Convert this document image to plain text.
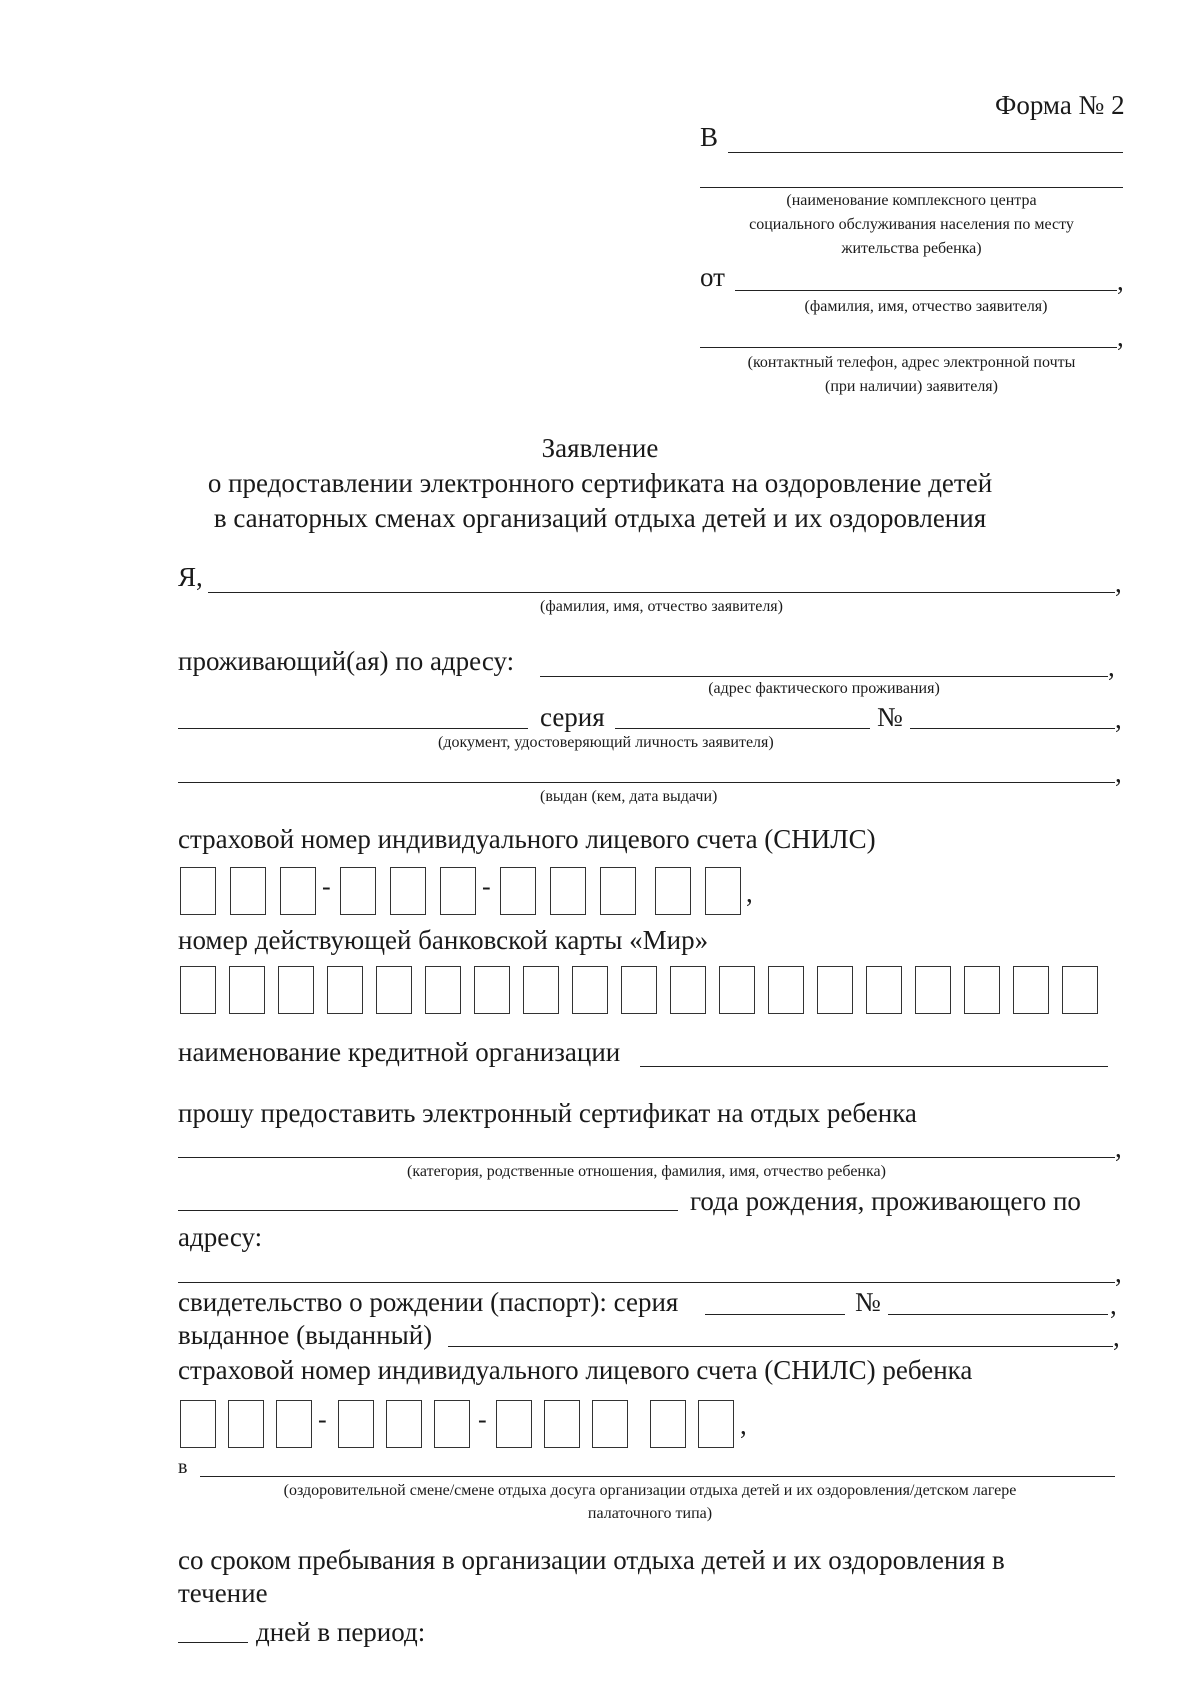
Форма № 2
В
(наименование комплексного центра
социального обслуживания населения по месту
жительства ребенка)
от	,
(фамилия, имя, отчество заявителя)
,
(контактный телефон, адрес электронной почты
(при наличии) заявителя)
Заявление
о предоставлении электронного сертификата на оздоровление детей
в санаторных сменах организаций отдыха детей и их оздоровления
Я,	,
(фамилия, имя, отчество заявителя)
проживающий(ая) по адресу:	,
(адрес фактического проживания)
серия	№	,
(документ, удостоверяющий личность заявителя)
,
(выдан (кем, дата выдачи)
страховой номер индивидуального лицевого счета (СНИЛС)
-	-	,
номер действующей банковской карты «Мир»
наименование кредитной организации
прошу предоставить электронный сертификат на отдых ребенка
,
(категория, родственные отношения, фамилия, имя, отчество ребенка)
года рождения, проживающего по
адресу:
,
свидетельство о рождении (паспорт): серия	№	,
выданное (выданный)	,
страховой номер индивидуального лицевого счета (СНИЛС) ребенка
-	-	,
в
(оздоровительной смене/смене отдыха досуга организации отдыха детей и их оздоровления/детском лагере
палаточного типа)
со сроком пребывания в организации отдыха детей и их оздоровления в
течение
дней в период:
